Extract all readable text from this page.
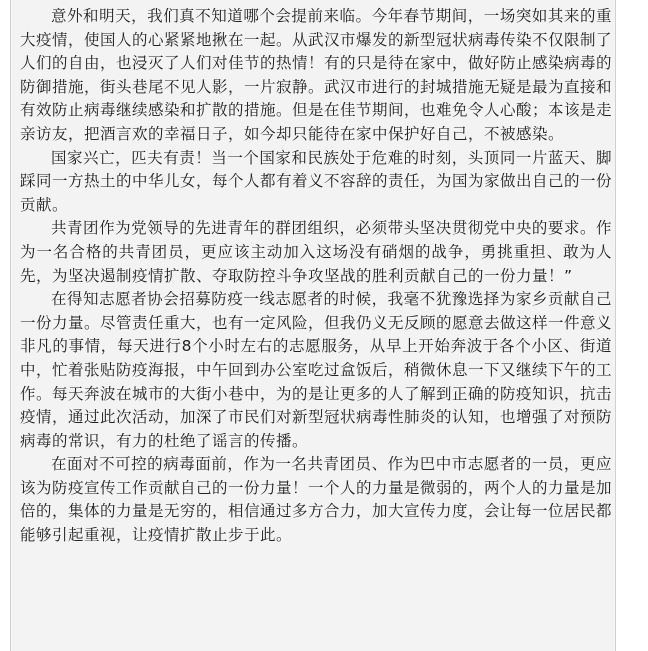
意外和明天，我们真不知道哪个会提前来临。今年春节期间，一场突如其来的重大疫情，使国人的心紧紧地揪在一起。从武汉市爆发的新型冠状病毒传染不仅限制了人们的自由，也浸灭了人们对佳节的热情！有的只是待在家中，做好防止感染病毒的防御措施，街头巷尾不见人影，一片寂静。武汉市进行的封城措施无疑是最为直接和有效防止病毒继续感染和扩散的措施。但是在佳节期间，也难免令人心酸；本该是走亲访友，把酒言欢的幸福日子，如今却只能待在家中保护好自己，不被感染。

国家兴亡，匹夫有责！当一个国家和民族处于危难的时刻，头顶同一片蓝天、脚踩同一方热土的中华儿女，每个人都有着义不容辞的责任，为国为家做出自己的一份贡献。

共青团作为党领导的先进青年的群团组织，必须带头坚决贯彻党中央的要求。作为一名合格的共青团员，更应该主动加入这场没有硝烟的战争，勇挑重担、敢为人先，为坚决遏制疫情扩散、夺取防控斗争攻坚战的胜利贡献自己的一份力量！”

在得知志愿者协会招募防疫一线志愿者的时候，我毫不犹豫选择为家乡贡献自己一份力量。尽管责任重大，也有一定风险，但我仍义无反顾的愿意去做这样一件意义非凡的事情，每天进行8个小时左右的志愿服务，从早上开始奔波于各个小区、街道中，忙着张贴防疫海报，中午回到办公室吃过盒饭后，稍微休息一下又继续下午的工作。每天奔波在城市的大街小巷中，为的是让更多的人了解到正确的防疫知识，抗击疫情，通过此次活动，加深了市民们对新型冠状病毒性肺炎的认知，也增强了对预防病毒的常识，有力的杜绝了谣言的传播。

在面对不可控的病毒面前，作为一名共青团员、作为巴中市志愿者的一员，更应该为防疫宣传工作贡献自己的一份力量！一个人的力量是微弱的，两个人的力量是加倍的，集体的力量是无穷的，相信通过多方合力，加大宣传力度，会让每一位居民都能够引起重视，让疫情扩散止步于此。
